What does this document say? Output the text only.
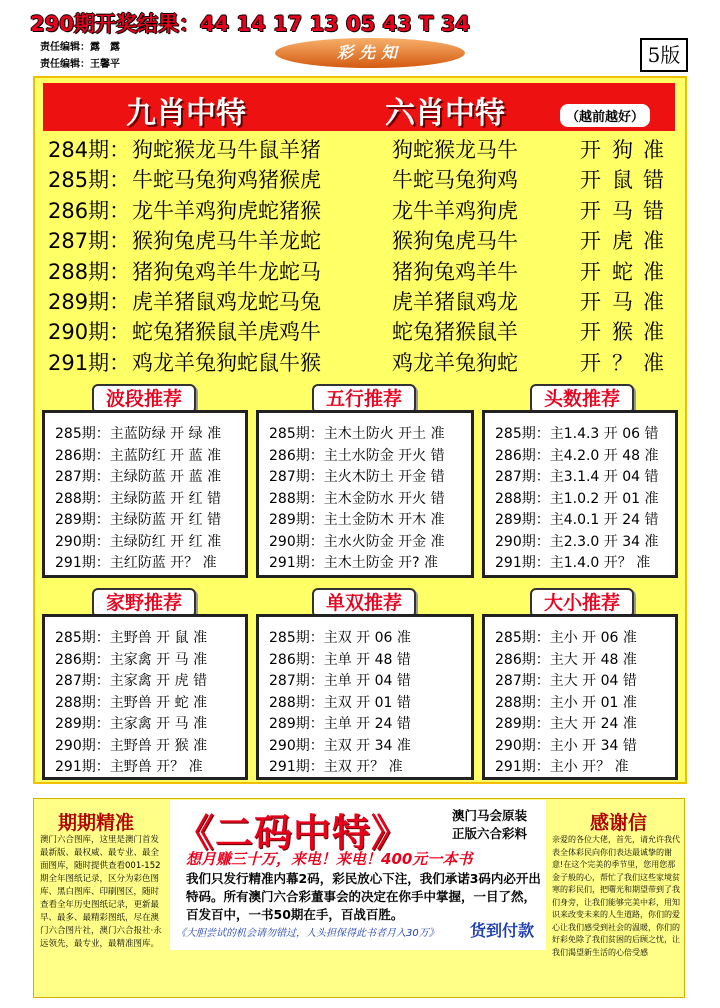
290期开奖结果：44 14 17 13 05 43 T 34
责任编辑：露　露
责任编辑：王馨平
彩先知	5版
九肖中特	六肖中特	（越前越好）
284期： 狗蛇猴龙马牛鼠羊猪	狗蛇猴龙马牛	开 狗 准
285期： 牛蛇马兔狗鸡猪猴虎	牛蛇马兔狗鸡	开 鼠 错
286期： 龙牛羊鸡狗虎蛇猪猴	龙牛羊鸡狗虎	开 马 错
287期： 猴狗兔虎马牛羊龙蛇	猴狗兔虎马牛	开 虎 准
288期： 猪狗兔鸡羊牛龙蛇马	猪狗兔鸡羊牛	开 蛇 准
289期： 虎羊猪鼠鸡龙蛇马兔	虎羊猪鼠鸡龙	开 马 准
290期： 蛇兔猪猴鼠羊虎鸡牛	蛇兔猪猴鼠羊	开 猴 准
291期： 鸡龙羊兔狗蛇鼠牛猴	鸡龙羊兔狗蛇	开 ？ 准
波段推荐	五行推荐	头数推荐
285期：主蓝防绿 开 绿 准
286期：主蓝防红 开 蓝 准
287期：主绿防蓝 开 蓝 准
288期：主绿防蓝 开 红 错
289期：主绿防蓝 开 红 错
290期：主绿防红 开 红 准
291期：主红防蓝 开？ 准
285期：主木土防火 开土 准
286期：主土水防金 开火 错
287期：主火木防土 开金 错
288期：主木金防水 开火 错
289期：主土金防木 开木 准
290期：主水火防金 开金 准
291期：主木土防金 开? 准
285期：主1.4.3 开 06 错
286期：主4.2.0 开 48 准
287期：主3.1.4 开 04 错
288期：主1.0.2 开 01 准
289期：主4.0.1 开 24 错
290期：主2.3.0 开 34 准
291期：主1.4.0 开？ 准
家野推荐	单双推荐	大小推荐
285期：主野兽 开 鼠 准
286期：主家禽 开 马 准
287期：主家禽 开 虎 错
288期：主野兽 开 蛇 准
289期：主家禽 开 马 准
290期：主野兽 开 猴 准
291期：主野兽 开？ 准
285期：主双 开 06 准
286期：主单 开 48 错
287期：主单 开 04 错
288期：主双 开 01 错
289期：主单 开 24 错
290期：主双 开 34 准
291期：主双 开？ 准
285期：主小 开 06 准
286期：主大 开 48 准
287期：主大 开 04 错
288期：主小 开 01 准
289期：主大 开 24 准
290期：主小 开 34 错
291期：主小 开？ 准
期期精准
澳门六合图库，这里是澳门首发最新版、最权威、最专业、最全面图库，随时提供查看001-152期全年图纸记录，区分为彩色图库、黑白图库、印刷图区，随时查看全年历史图纸记录，更新最早、最多、最精彩图纸，尽在澳门六合图片社，澳门六合报社·永远领先，最专业，最精准图库。
《二码中特》	澳门马会原装
正版六合彩料
想月赚三十万，来电！来电！400元一本书
我们只发行精准内幕2码，彩民放心下注，我们承诺3码内必开出特码。所有澳门六合彩董事会的决定在你手中掌握，一目了然，百发百中，一书50期在手，百战百胜。
《大胆尝试的机会请勿错过，人头担保得此书者月入30万》 货到付款
感谢信
亲爱的各位大佬，首先，请允许我代表全体彩民向你们表达最诚挚的谢意!在这个完美的季节里，您用您那金子般的心，帮忙了我们这些家境贫寒的彩民们，把曙光和期望带到了我们身旁，让我们能够完美中彩，用知识来改变未来的人生道路，你们的爱心让我们感受到社会的温暖，你们的好彩免除了我们贫困的后顾之忧，让我们渴望新生活的心倍受感
